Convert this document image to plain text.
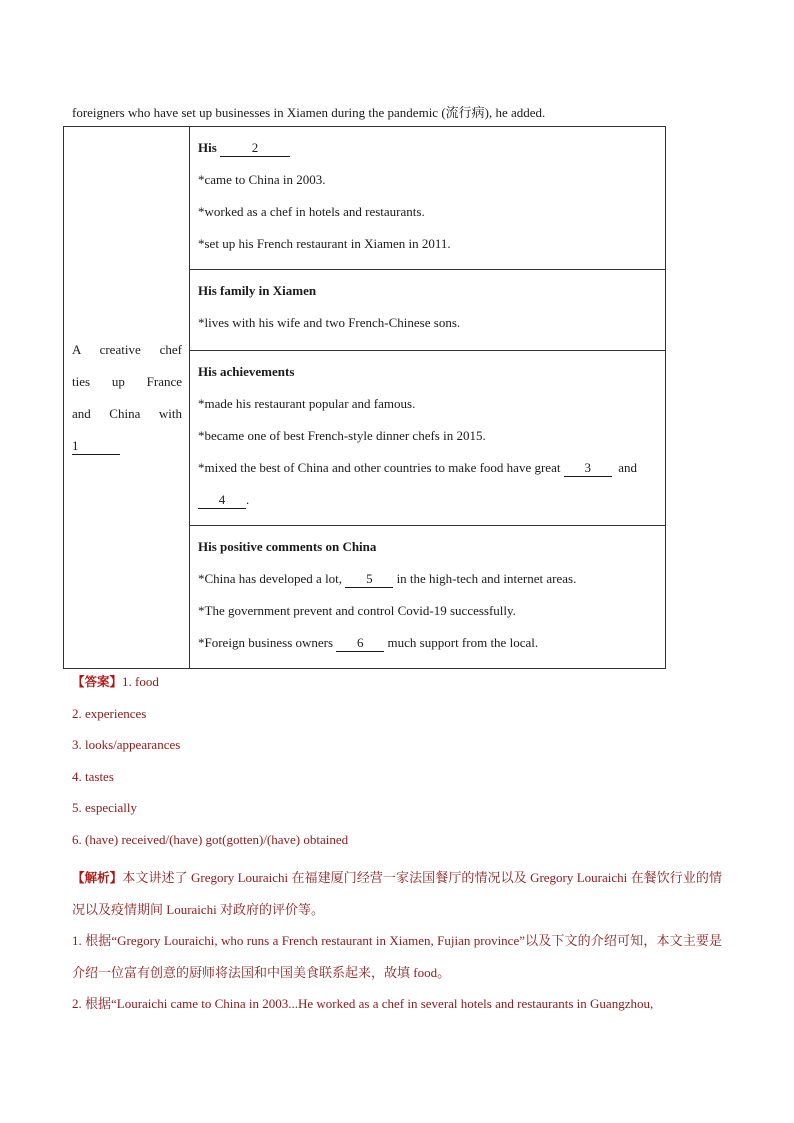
foreigners who have set up businesses in Xiamen during the pandemic (流行病), he added.
A creative chef
ties up France
and China with
1

His	2
*came to China in 2003.
*worked as a chef in hotels and restaurants.
*set up his French restaurant in Xiamen in 2011.

His family in Xiamen
*lives with his wife and two French-Chinese sons.

His achievements
*made his restaurant popular and famous.
*became one of best French-style dinner chefs in 2015.
*mixed the best of China and other countries to make food have great 3 and
4 .

His positive comments on China
*China has developed a lot, 5 in the high-tech and internet areas.
*The government prevent and control Covid-19 successfully.
*Foreign business owners 6 much support from the local.
【答案】1. food
2. experiences
3. looks/appearances
4. tastes
5. especially
6. (have) received/(have) got(gotten)/(have) obtained

【解析】本文讲述了 Gregory Louraichi 在福建厦门经营一家法国餐厅的情况以及 Gregory Louraichi 在餐饮行业的情况以及疫情期间 Louraichi 对政府的评价等。

1. 根据“Gregory Louraichi, who runs a French restaurant in Xiamen, Fujian province”以及下文的介绍可知，本文主要是介绍一位富有创意的厨师将法国和中国美食联系起来，故填 food。

2. 根据“Louraichi came to China in 2003...He worked as a chef in several hotels and restaurants in Guangzhou,
